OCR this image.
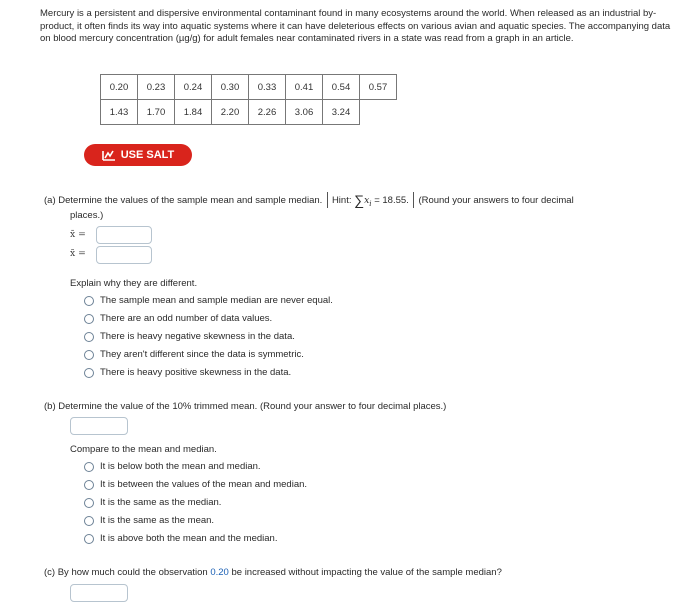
Mercury is a persistent and dispersive environmental contaminant found in many ecosystems around the world. When released as an industrial by-product, it often finds its way into aquatic systems where it can have deleterious effects on various avian and aquatic species. The accompanying data on blood mercury concentration (µg/g) for adult females near contaminated rivers in a state was read from a graph in an article.
0.20	0.23	0.24	0.30	0.33	0.41	0.54	0.57
1.43	1.70	1.84	2.20	2.26	3.06	3.24	
USE SALT
(a) Determine the values of the sample mean and sample median. Hint: $\sum x_i = 18.55$. (Round your answers to four decimal
places.)
x̄ =
x̃ =
Explain why they are different.
The sample mean and sample median are never equal.
There are an odd number of data values.
There is heavy negative skewness in the data.
They aren't different since the data is symmetric.
There is heavy positive skewness in the data.
(b) Determine the value of the 10% trimmed mean. (Round your answer to four decimal places.)
Compare to the mean and median.
It is below both the mean and median.
It is between the values of the mean and median.
It is the same as the median.
It is the same as the mean.
It is above both the mean and the median.
(c) By how much could the observation 0.20 be increased without impacting the value of the sample median?
